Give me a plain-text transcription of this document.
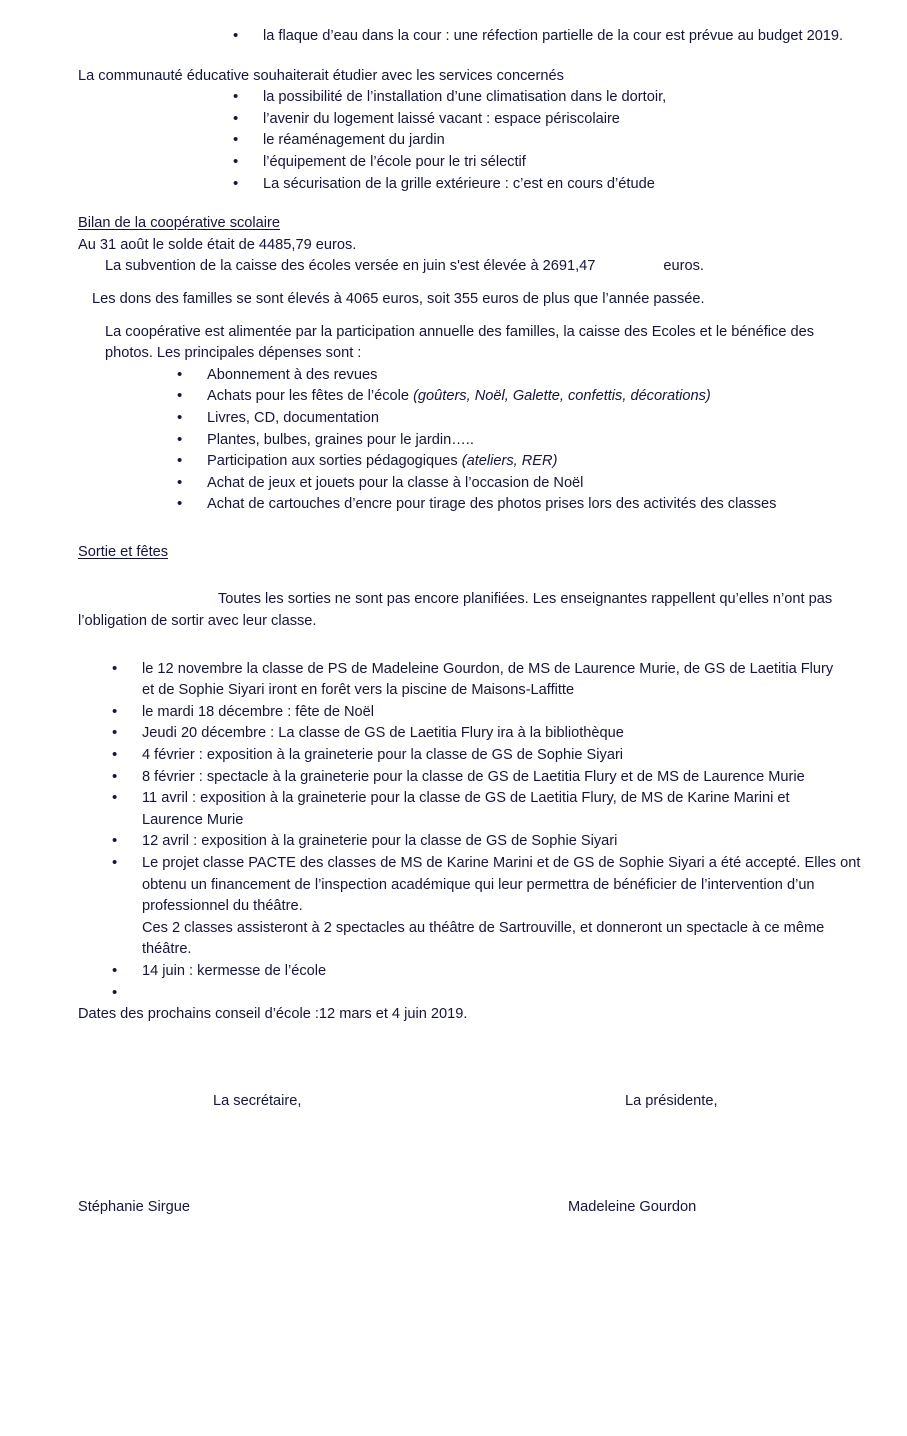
• la flaque d’eau dans la cour : une réfection partielle de la cour est prévue au budget 2019.

La communauté éducative souhaiterait étudier avec les services concernés

• la possibilité de l’installation d’une climatisation dans le dortoir,
• l’avenir du logement laissé vacant : espace périscolaire
• le réaménagement du jardin
• l’équipement de l’école pour le tri sélectif
• La sécurisation de la grille extérieure : c’est en cours d’étude

Bilan de la coopérative scolaire

Au 31 août le solde était de 4485,79 euros.

La subvention de la caisse des écoles versée en juin s'est élevée à 2691,47	euros.

Les dons des familles se sont élevés à 4065 euros, soit 355 euros de plus que l’année passée.

La coopérative est alimentée par la participation annuelle des familles, la caisse des Ecoles et le bénéfice des photos. Les principales dépenses sont :

• Abonnement à des revues
• Achats pour les fêtes de l’école (goûters, Noël, Galette, confettis, décorations)
• Livres, CD, documentation
• Plantes, bulbes, graines pour le jardin…..
• Participation aux sorties pédagogiques (ateliers, RER)
• Achat de jeux et jouets pour la classe à l’occasion de Noël
• Achat de cartouches d’encre pour tirage des photos prises lors des activités des classes

Sortie et fêtes

Toutes les sorties ne sont pas encore planifiées. Les enseignantes rappellent qu’elles n’ont pas l’obligation de sortir avec leur classe.

• le 12 novembre la classe de PS de Madeleine Gourdon, de MS de Laurence Murie, de GS de Laetitia Flury et de Sophie Siyari iront en forêt vers la piscine de Maisons-Laffitte
• le mardi 18 décembre : fête de Noël
• Jeudi 20 décembre : La classe de GS de Laetitia Flury ira à la bibliothèque
• 4 février : exposition à la graineterie pour la classe de GS de Sophie Siyari
• 8 février : spectacle à la graineterie pour la classe de GS de Laetitia Flury et de MS de Laurence Murie
• 11 avril : exposition à la graineterie pour la classe de GS de Laetitia Flury, de MS de Karine Marini et Laurence Murie
• 12 avril : exposition à la graineterie pour la classe de GS de Sophie Siyari
• Le projet classe PACTE des classes de MS de Karine Marini et de GS de Sophie Siyari a été accepté. Elles ont obtenu un financement de l’inspection académique qui leur permettra de bénéficier de l’intervention d’un professionnel du théâtre.
Ces 2 classes assisteront à 2 spectacles au théâtre de Sartrouville, et donneront un spectacle à ce même théâtre.
• 14 juin : kermesse de l’école
•

Dates des prochains conseil d’école :12 mars et 4 juin 2019.

La secrétaire,	La présidente,
Stéphanie Sirgue	Madeleine Gourdon
